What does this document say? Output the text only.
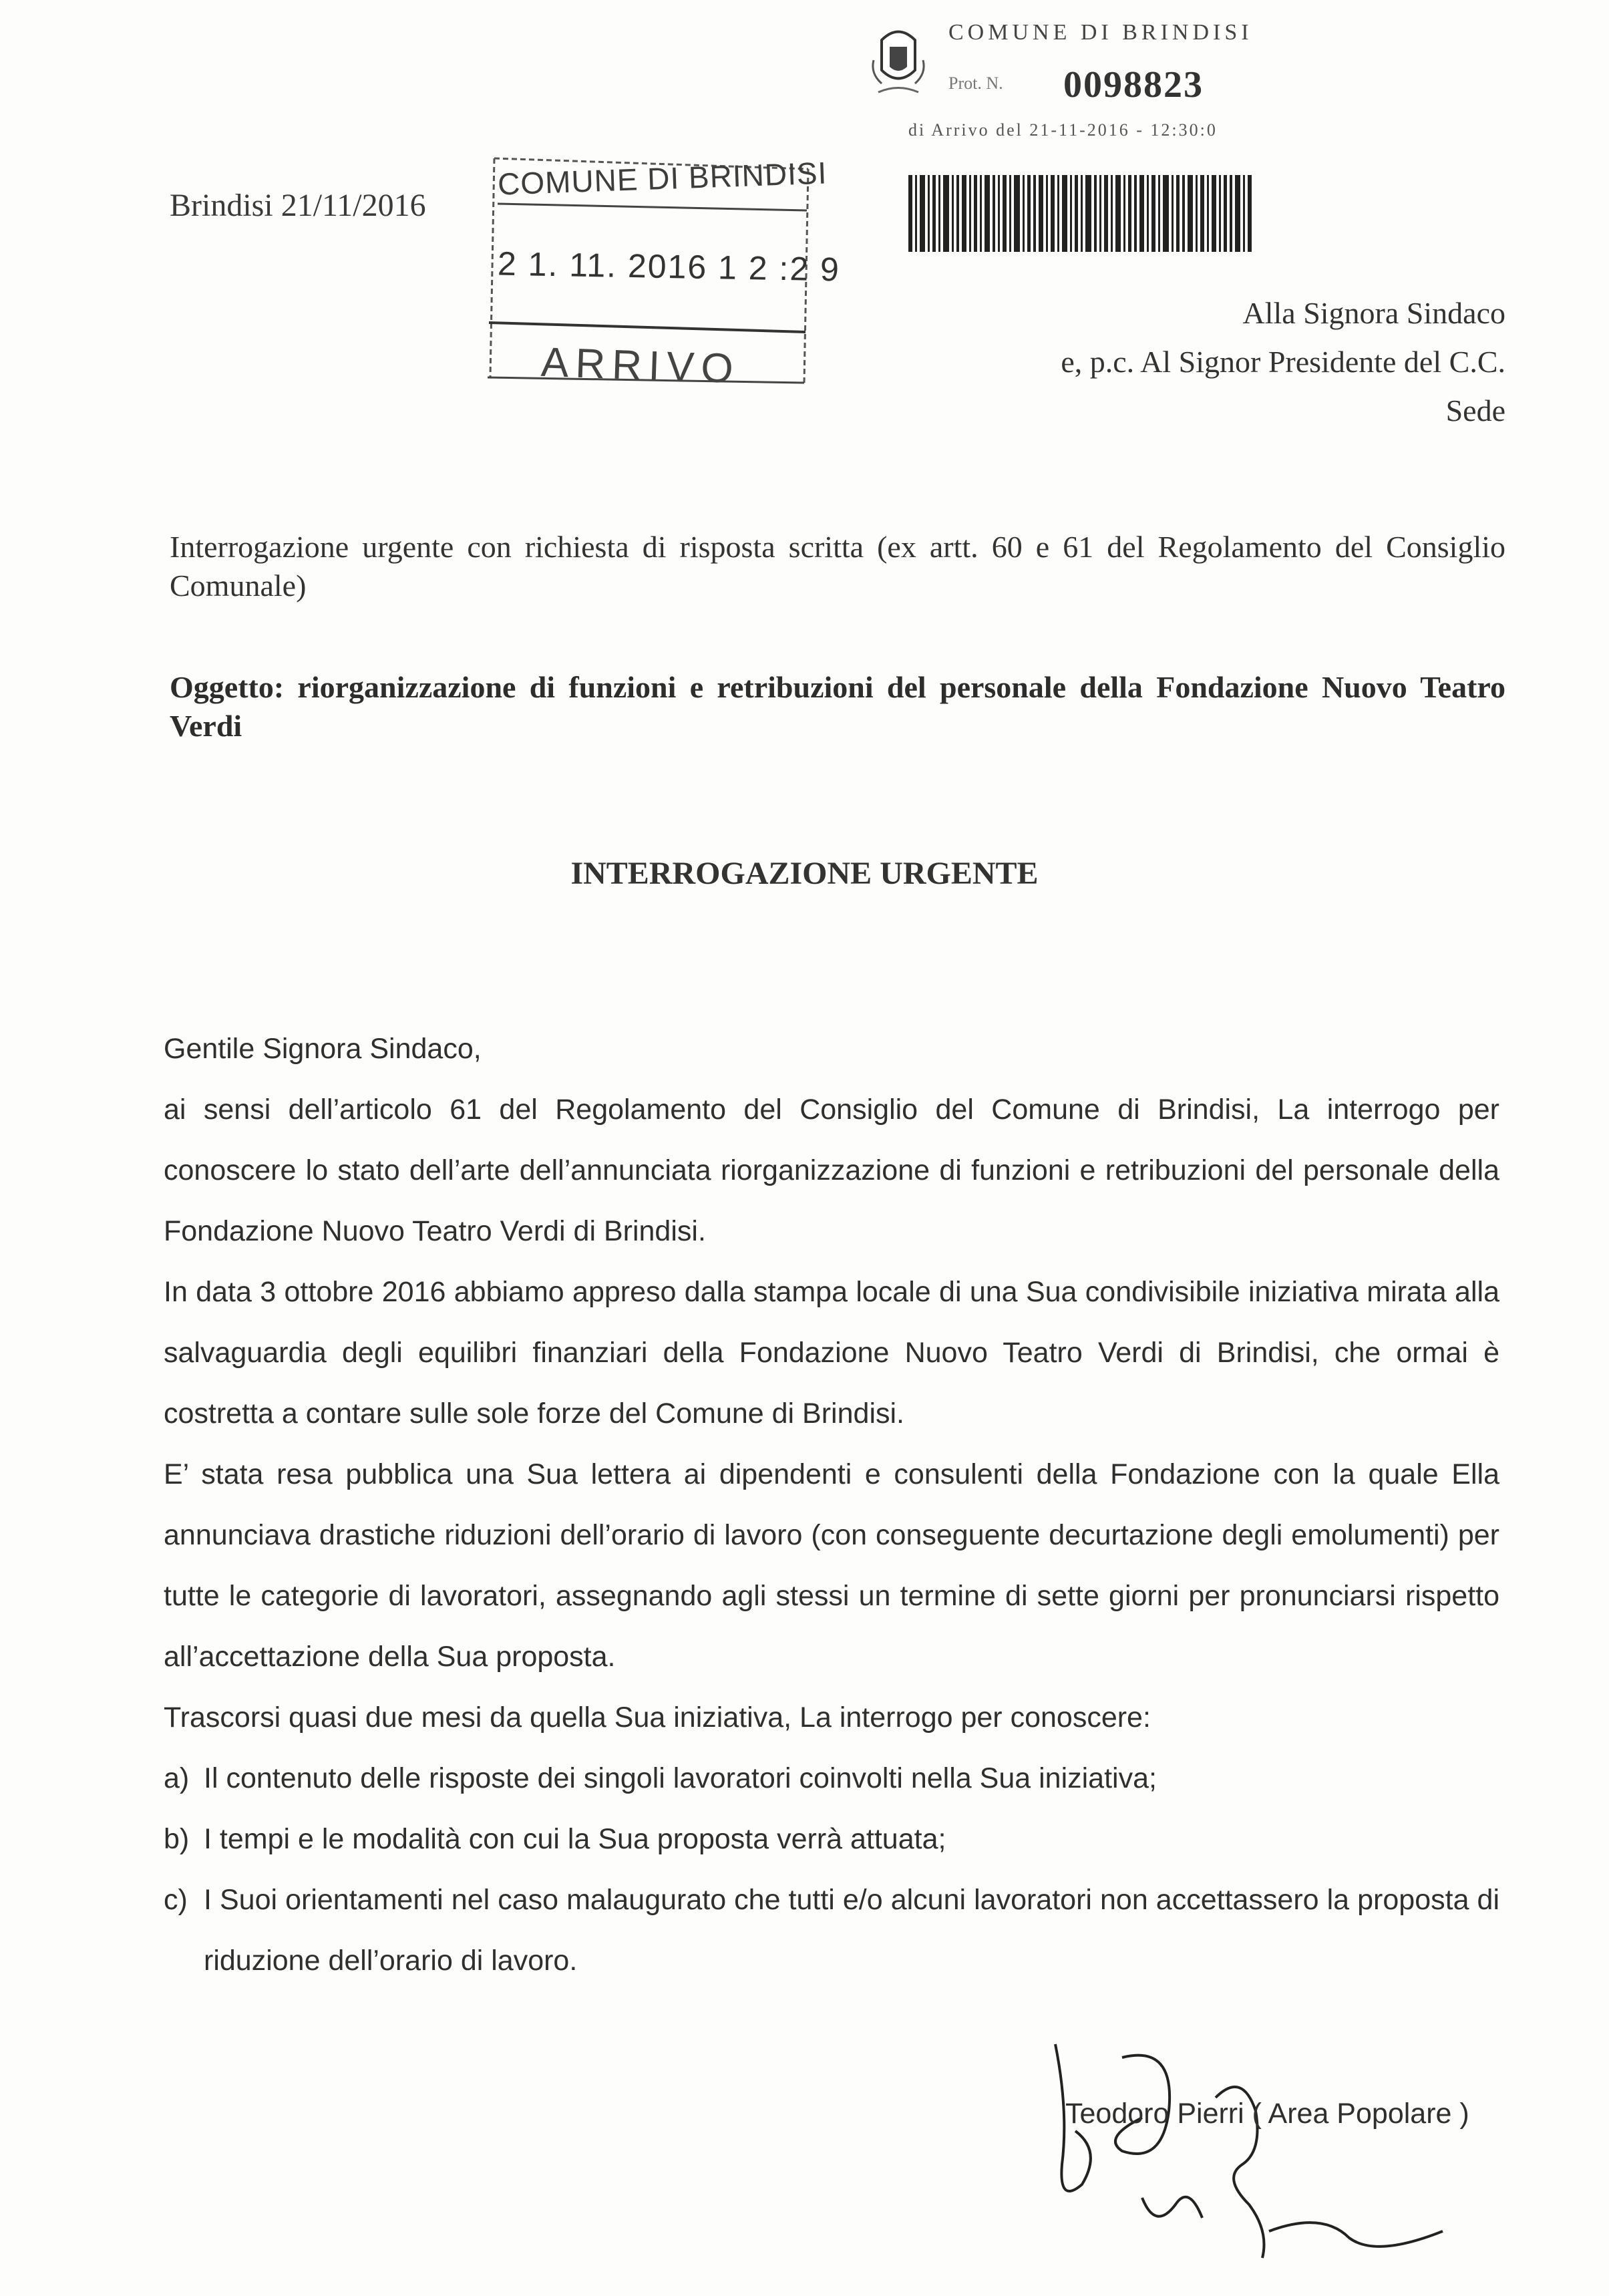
COMUNE DI BRINDISI
Prot. N. 0098823
di Arrivo del 21-11-2016 - 12:30:0
Brindisi 21/11/2016
COMUNE DI BRINDISI
2 1. 11. 2016 1 2 :2 9
ARRIVO
Alla Signora Sindaco
e, p.c. Al Signor Presidente del C.C.
Sede
Interrogazione urgente con richiesta di risposta scritta (ex artt. 60 e 61 del Regolamento del Consiglio Comunale)
Oggetto: riorganizzazione di funzioni e retribuzioni del personale della Fondazione Nuovo Teatro Verdi
INTERROGAZIONE URGENTE
Gentile Signora Sindaco,
ai sensi dell’articolo 61 del Regolamento del Consiglio del Comune di Brindisi, La interrogo per conoscere lo stato dell’arte dell’annunciata riorganizzazione di funzioni e retribuzioni del personale della Fondazione Nuovo Teatro Verdi di Brindisi.
In data 3 ottobre 2016 abbiamo appreso dalla stampa locale di una Sua condivisibile iniziativa mirata alla salvaguardia degli equilibri finanziari della Fondazione Nuovo Teatro Verdi di Brindisi, che ormai è costretta a contare sulle sole forze del Comune di Brindisi.
E’ stata resa pubblica una Sua lettera ai dipendenti e consulenti della Fondazione con la quale Ella annunciava drastiche riduzioni dell’orario di lavoro (con conseguente decurtazione degli emolumenti) per tutte le categorie di lavoratori, assegnando agli stessi un termine di sette giorni per pronunciarsi rispetto all’accettazione della Sua proposta.
Trascorsi quasi due mesi da quella Sua iniziativa, La interrogo per conoscere:
a) Il contenuto delle risposte dei singoli lavoratori coinvolti nella Sua iniziativa;
b) I tempi e le modalità con cui la Sua proposta verrà attuata;
c) I Suoi orientamenti nel caso malaugurato che tutti e/o alcuni lavoratori non accettassero la proposta di riduzione dell’orario di lavoro.
Teodoro Pierri ( Area Popolare )
